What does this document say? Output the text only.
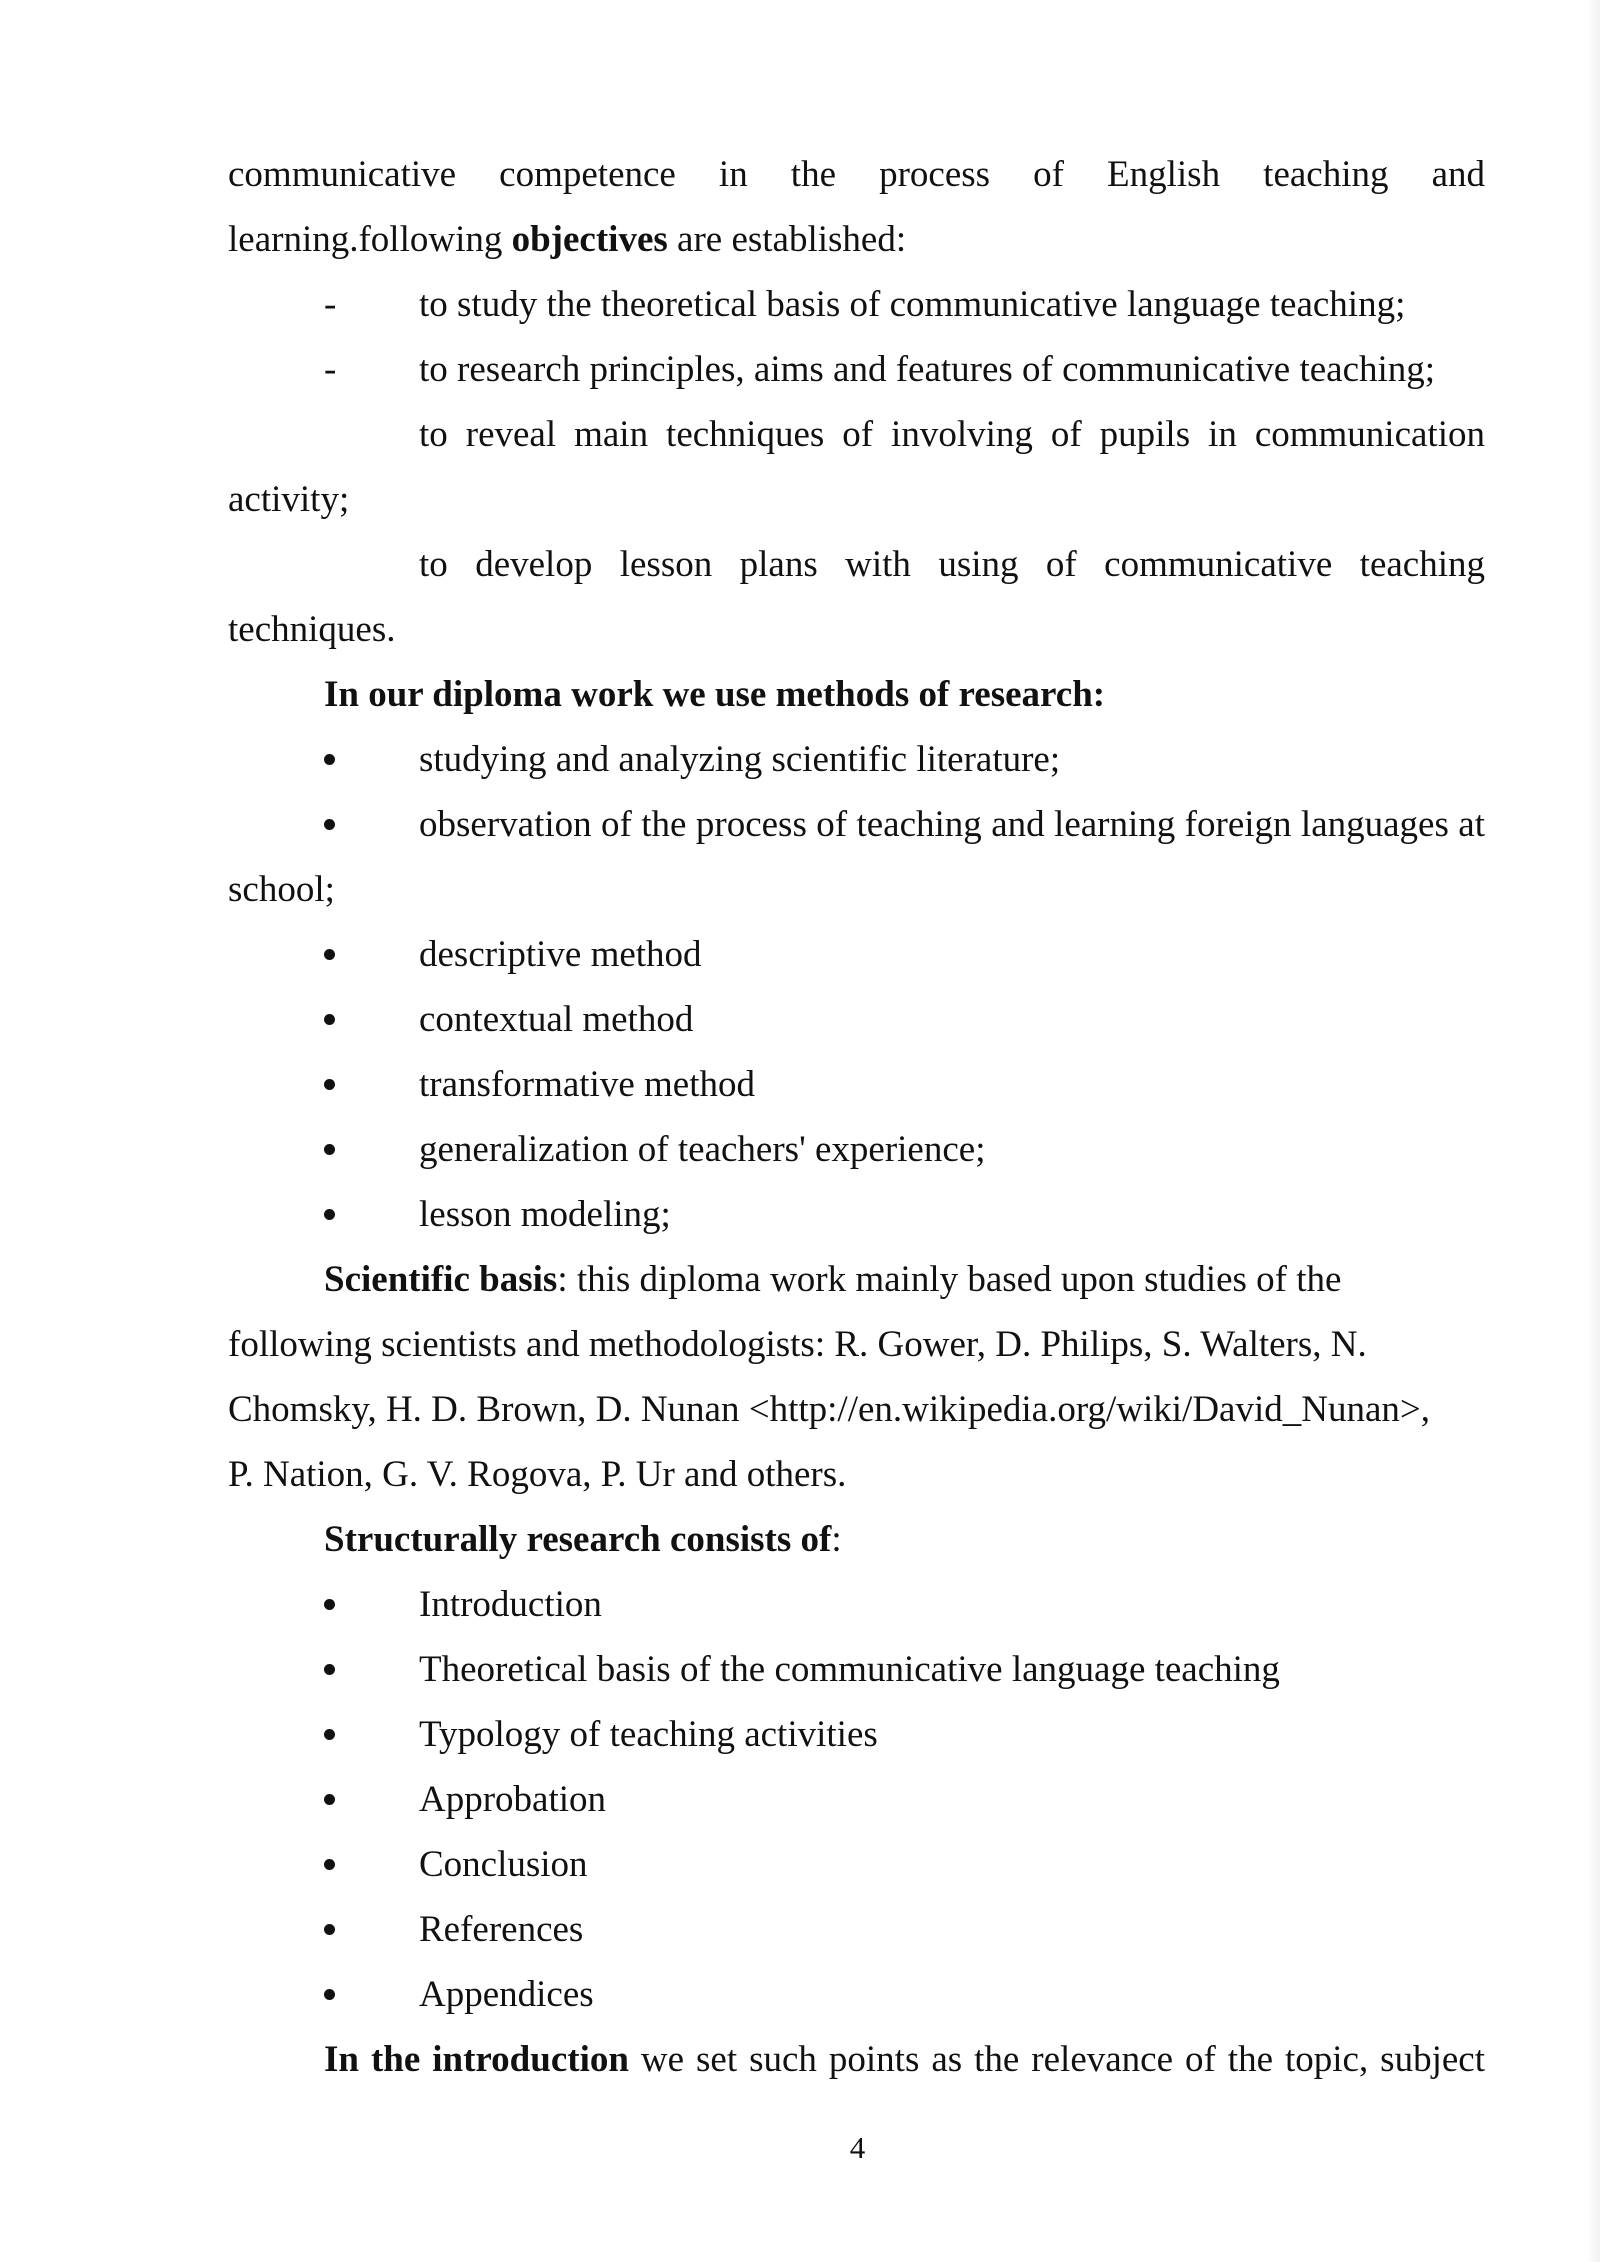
communicative competence in the process of English teaching and

learning.following objectives are established:

-	to study the theoretical basis of communicative language teaching;

-	to research principles, aims and features of communicative teaching;

to reveal main techniques of involving of pupils in communication activity;

to develop lesson plans with using of communicative teaching techniques.

In our diploma work we use methods of research:

studying and analyzing scientific literature;

observation of the process of teaching and learning foreign languages at school;

descriptive method

contextual method

transformative method

generalization of teachers' experience;

lesson modeling;

Scientific basis: this diploma work mainly based upon studies of the

following scientists and methodologists: R. Gower, D. Philips, S. Walters, N.

Chomsky, H. D. Brown, D. Nunan <http://en.wikipedia.org/wiki/David_Nunan>,

P. Nation, G. V. Rogova, P. Ur and others.

Structurally research consists of:

Introduction

Theoretical basis of the communicative language teaching

Typology of teaching activities

Approbation

Conclusion

References

Appendices

In the introduction we set such points as the relevance of the topic, subject

4
